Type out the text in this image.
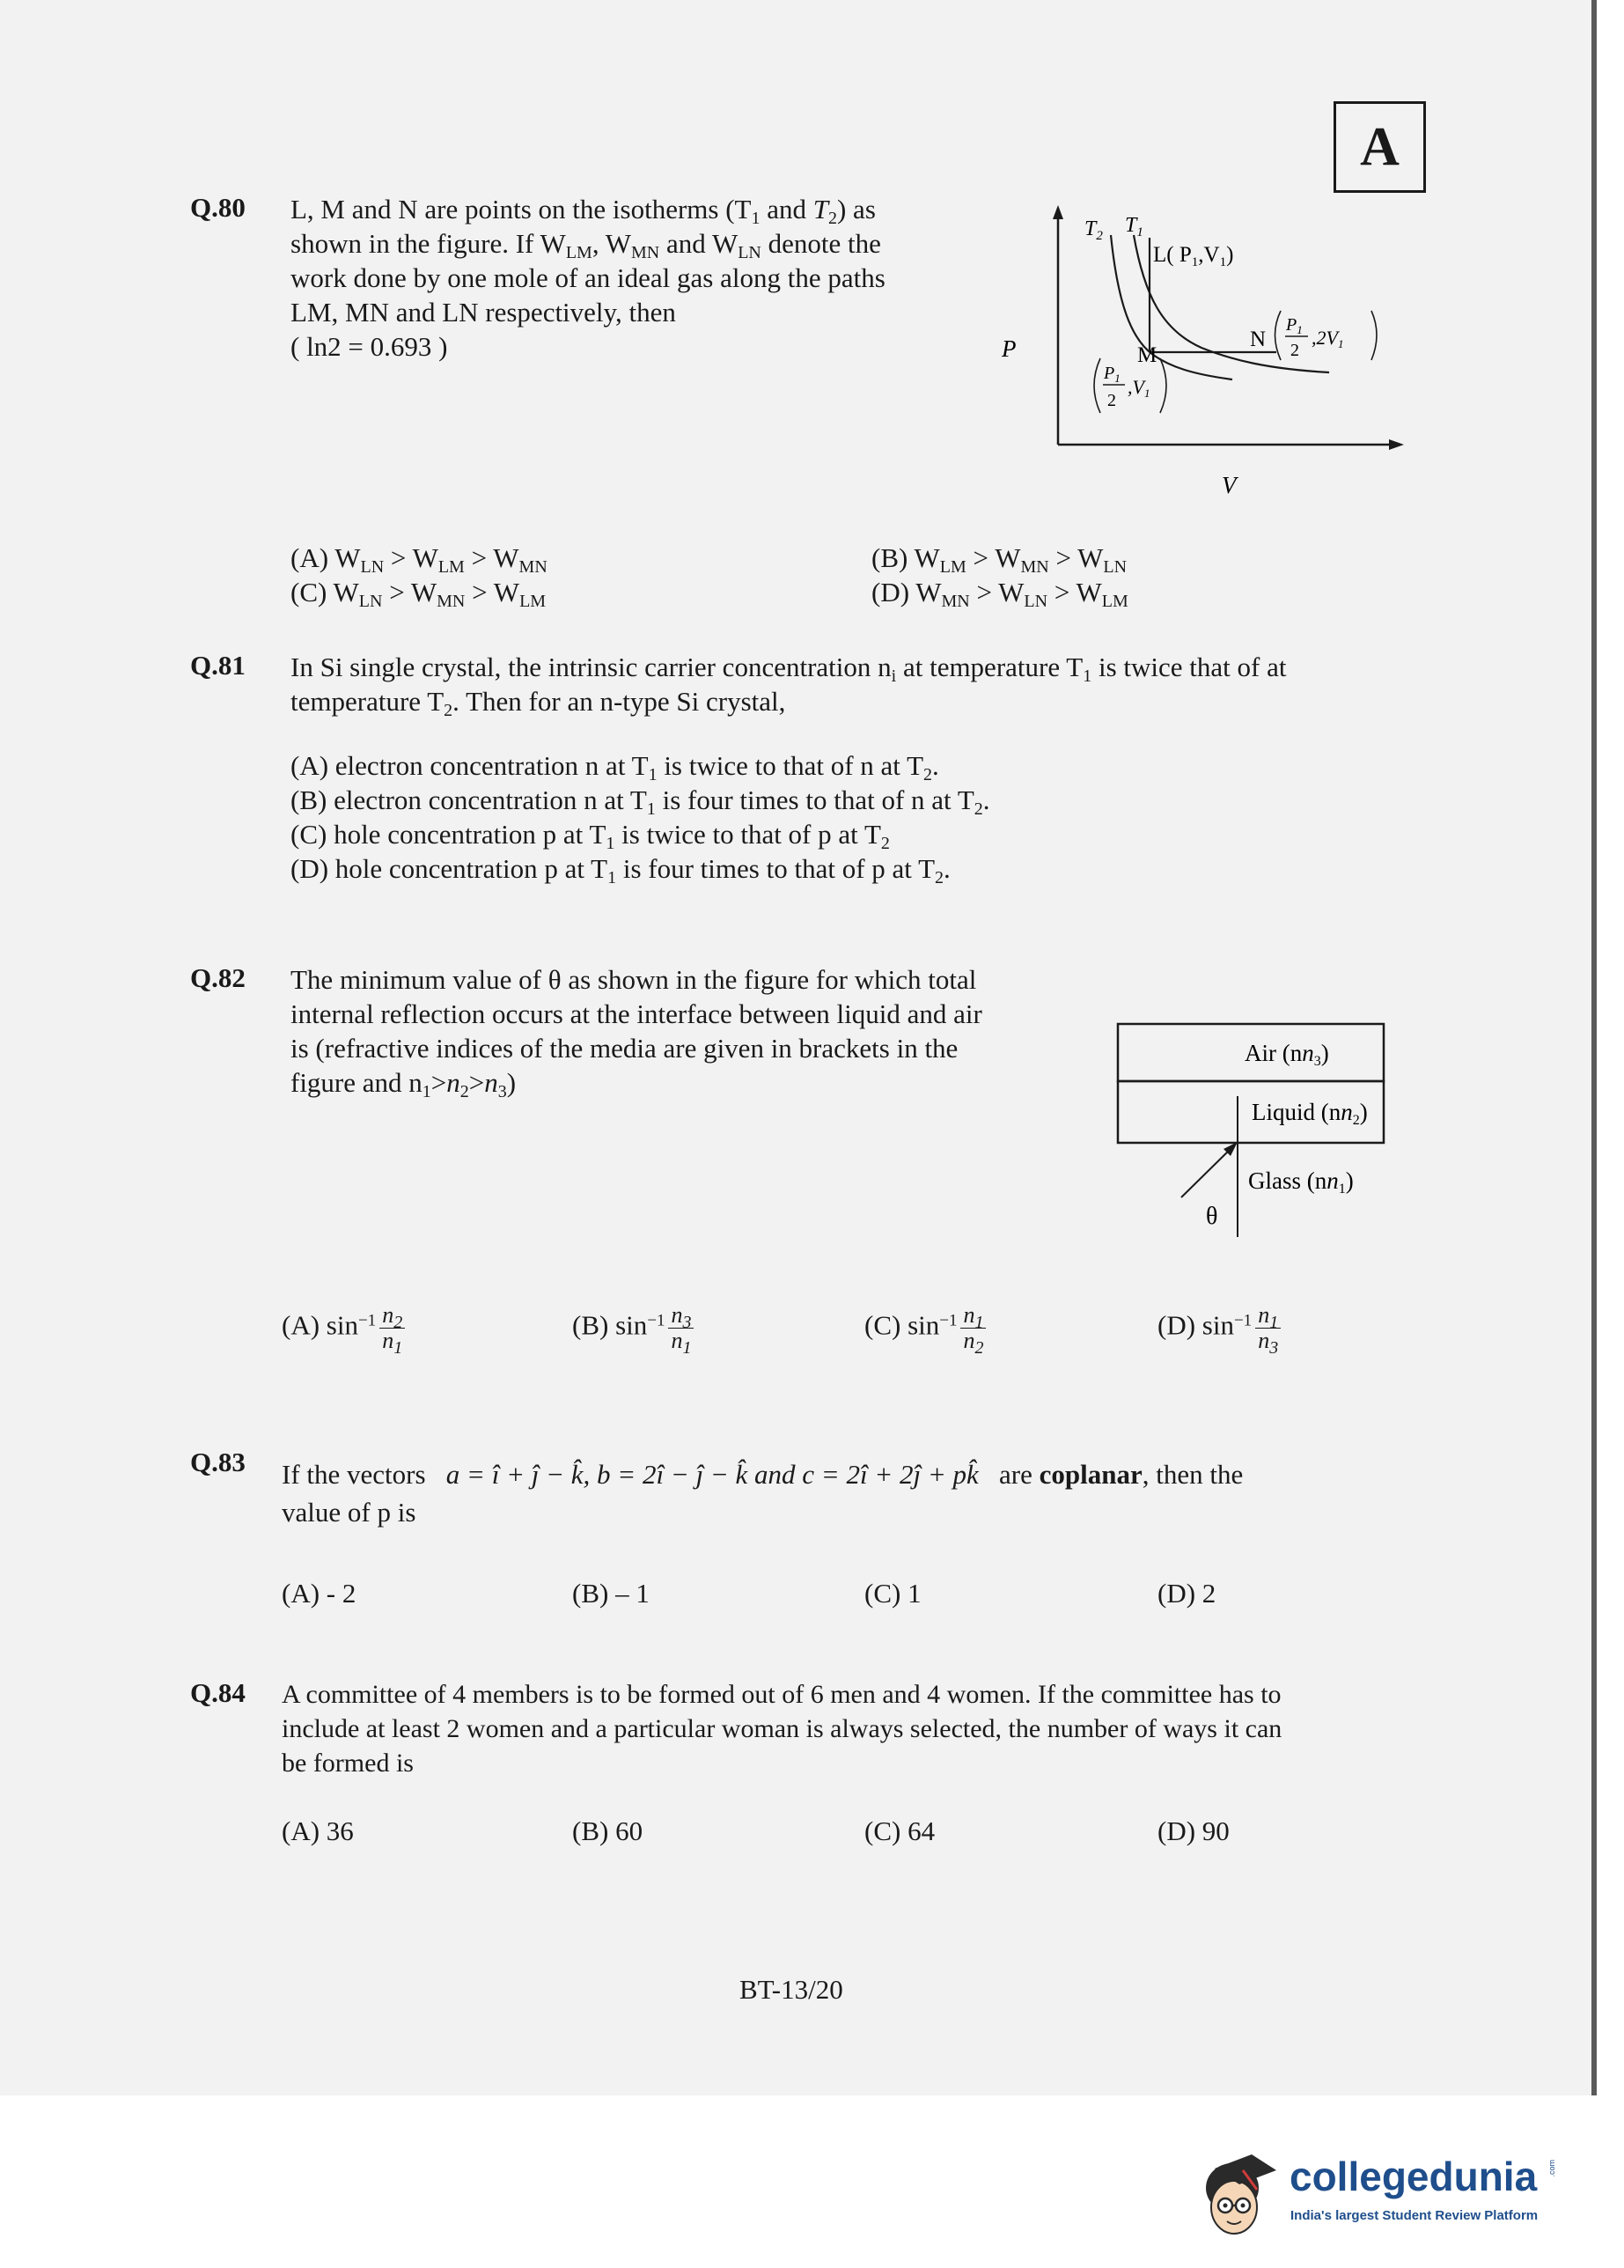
A
Q.80 L, M and N are points on the isotherms ($T_1$ and $T_2$) as
shown in the figure. If $W_{LM}$, $W_{MN}$ and $W_{LN}$ denote the
work done by one mole of an ideal gas along the paths
LM, MN and LN respectively, then
( ln2 = 0.693 )
$T_2$ $T_1$
P
V
L( $P_1,V_1$)
M
N
$P_1$
2
,2V1
$P_1$
2
,V1
(A) $W_{LN} > W_{LM} > W_{MN}$	(B) $W_{LM} > W_{MN} > W_{LN}$
(C) $W_{LN} > W_{MN} > W_{LM}$	(D) $W_{MN} > W_{LN} > W_{LM}$
Q.81 In Si single crystal, the intrinsic carrier concentration $n_i$ at temperature $T_1$ is twice that of at
temperature $T_2$. Then for an n-type Si crystal,
(A) electron concentration n at $T_1$ is twice to that of n at $T_2$.
(B) electron concentration n at $T_1$ is four times to that of n at $T_2$.
(C) hole concentration p at $T_1$ is twice to that of p at $T_2$
(D) hole concentration p at $T_1$ is four times to that of p at $T_2$.
Q.82 The minimum value of θ as shown in the figure for which total
internal reflection occurs at the interface between liquid and air
is (refractive indices of the media are given in brackets in the
figure and $n_1>n_2>n_3$)
Air (nn3)
Liquid (nn2)
Glass (nn1)
θ
(A) $\sin^{-1} \frac{n_2}{n_1}$	(B) $\sin^{-1} \frac{n_3}{n_1}$	(C) $\sin^{-1} \frac{n_1}{n_2}$	(D) $\sin^{-1} \frac{n_1}{n_3}$
Q.83 If the vectors a = î + ĵ − k̂, b = 2î − ĵ − k̂ and c = 2î + 2ĵ + pk̂ are coplanar, then the
value of p is
(A) - 2	(B) – 1	(C) 1	(D) 2
Q.84 A committee of 4 members is to be formed out of 6 men and 4 women. If the committee has to
include at least 2 women and a particular woman is always selected, the number of ways it can
be formed is
(A) 36	(B) 60	(C) 64	(D) 90
BT-13/20
collegedunia .com
India's largest Student Review Platform
